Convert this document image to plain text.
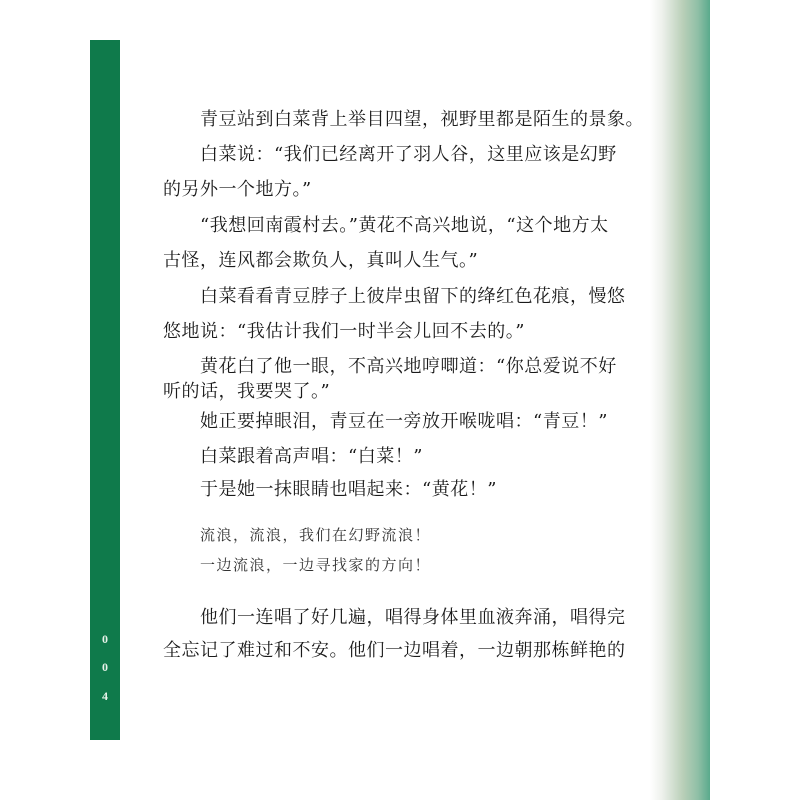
0
0
4
青豆站到白菜背上举目四望，视野里都是陌生的景象。
白菜说：“我们已经离开了羽人谷，这里应该是幻野
的另外一个地方。”
“我想回南霞村去。”黄花不高兴地说，“这个地方太
古怪，连风都会欺负人，真叫人生气。”
白菜看看青豆脖子上彼岸虫留下的绛红色花痕，慢悠
悠地说：“我估计我们一时半会儿回不去的。”
黄花白了他一眼，不高兴地哼唧道：“你总爱说不好
听的话，我要哭了。”
她正要掉眼泪，青豆在一旁放开喉咙唱：“青豆！”
白菜跟着高声唱：“白菜！”
于是她一抹眼睛也唱起来：“黄花！”
流浪，流浪，我们在幻野流浪！
一边流浪，一边寻找家的方向！
他们一连唱了好几遍，唱得身体里血液奔涌，唱得完
全忘记了难过和不安。他们一边唱着，一边朝那栋鲜艳的
